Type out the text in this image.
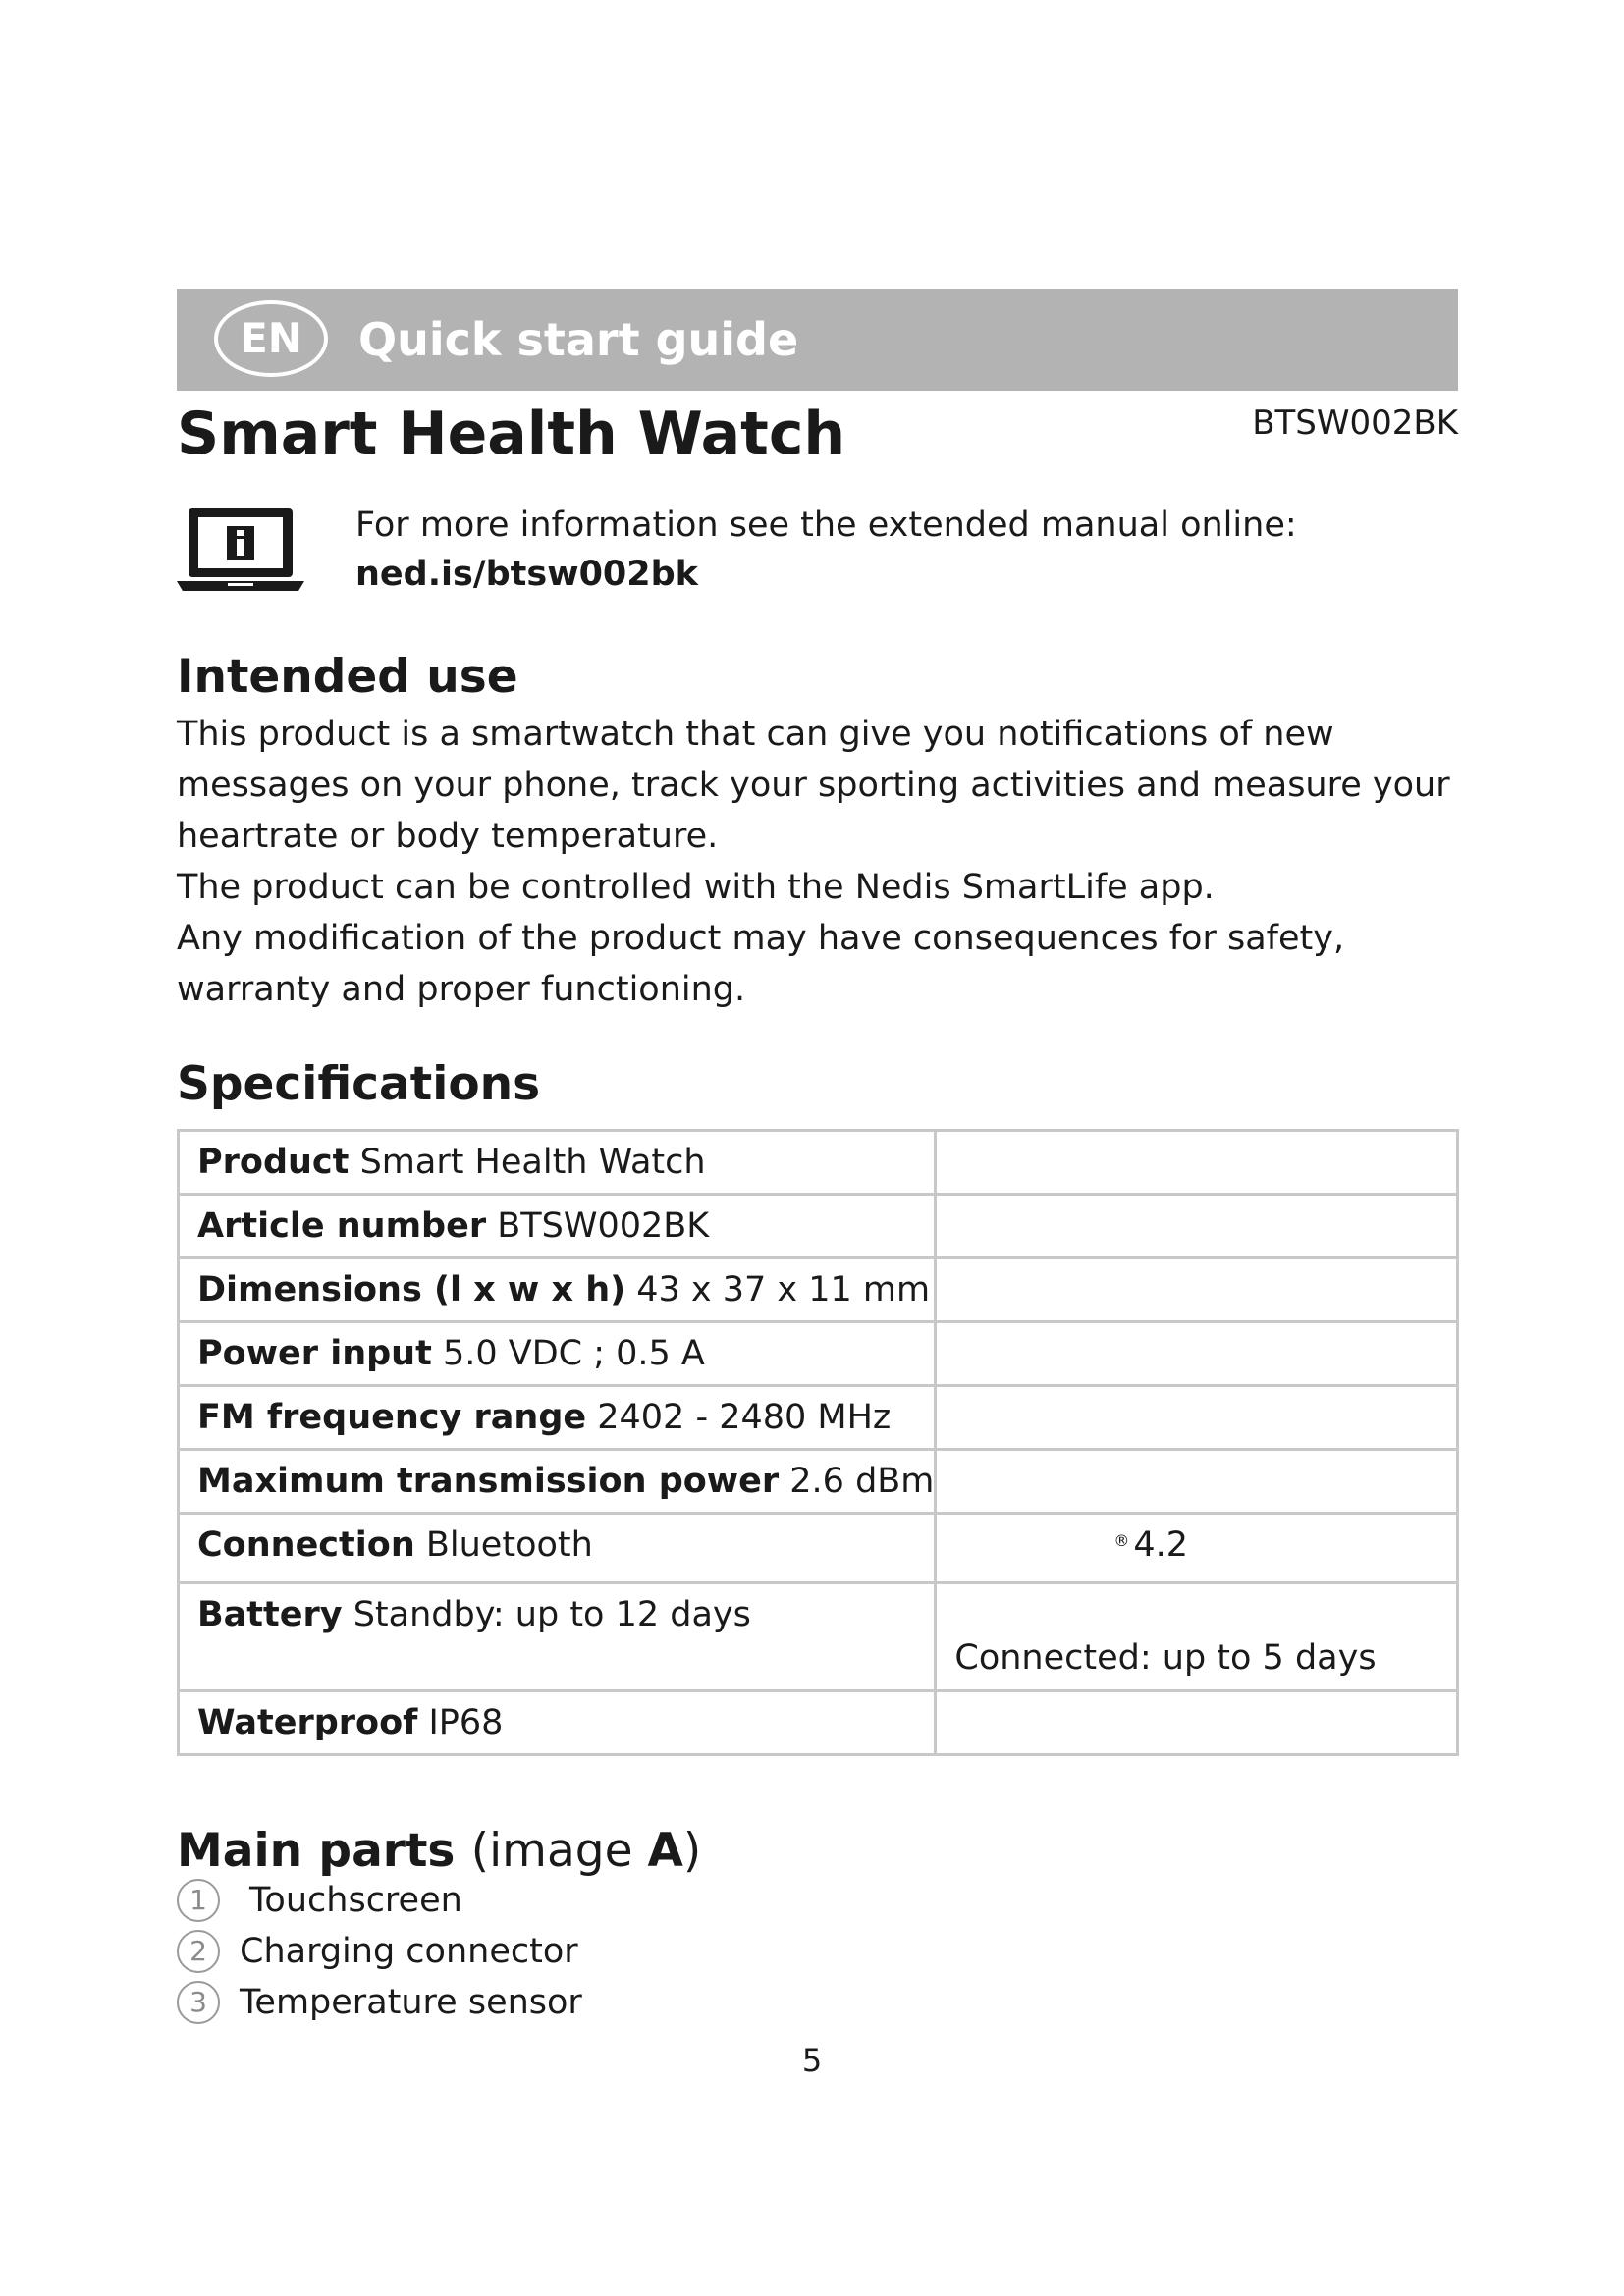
EN	Quick start guide
Smart Health Watch	BTSW002BK
For more information see the extended manual online:
ned.is/btsw002bk
Intended use

This product is a smartwatch that can give you notifications of new messages on your phone, track your sporting activities and measure your heartrate or body temperature.

The product can be controlled with the Nedis SmartLife app.

Any modification of the product may have consequences for safety, warranty and proper functioning.

Specifications
Product Smart Health Watch	

Article number BTSW002BK	

Dimensions (l x w x h) 43 x 37 x 11 mm	

Power input 5.0 VDC ; 0.5 A	

FM frequency range 2402 - 2480 MHz	

Maximum transmission power 2.6 dBm	

Connection Bluetooth	® 4.2

Battery Standby: up to 12 days	Connected: up to 5 days

Waterproof IP68	

Main parts (image A)
1	Touchscreen
2 Charging connector
3 Temperature sensor
5
